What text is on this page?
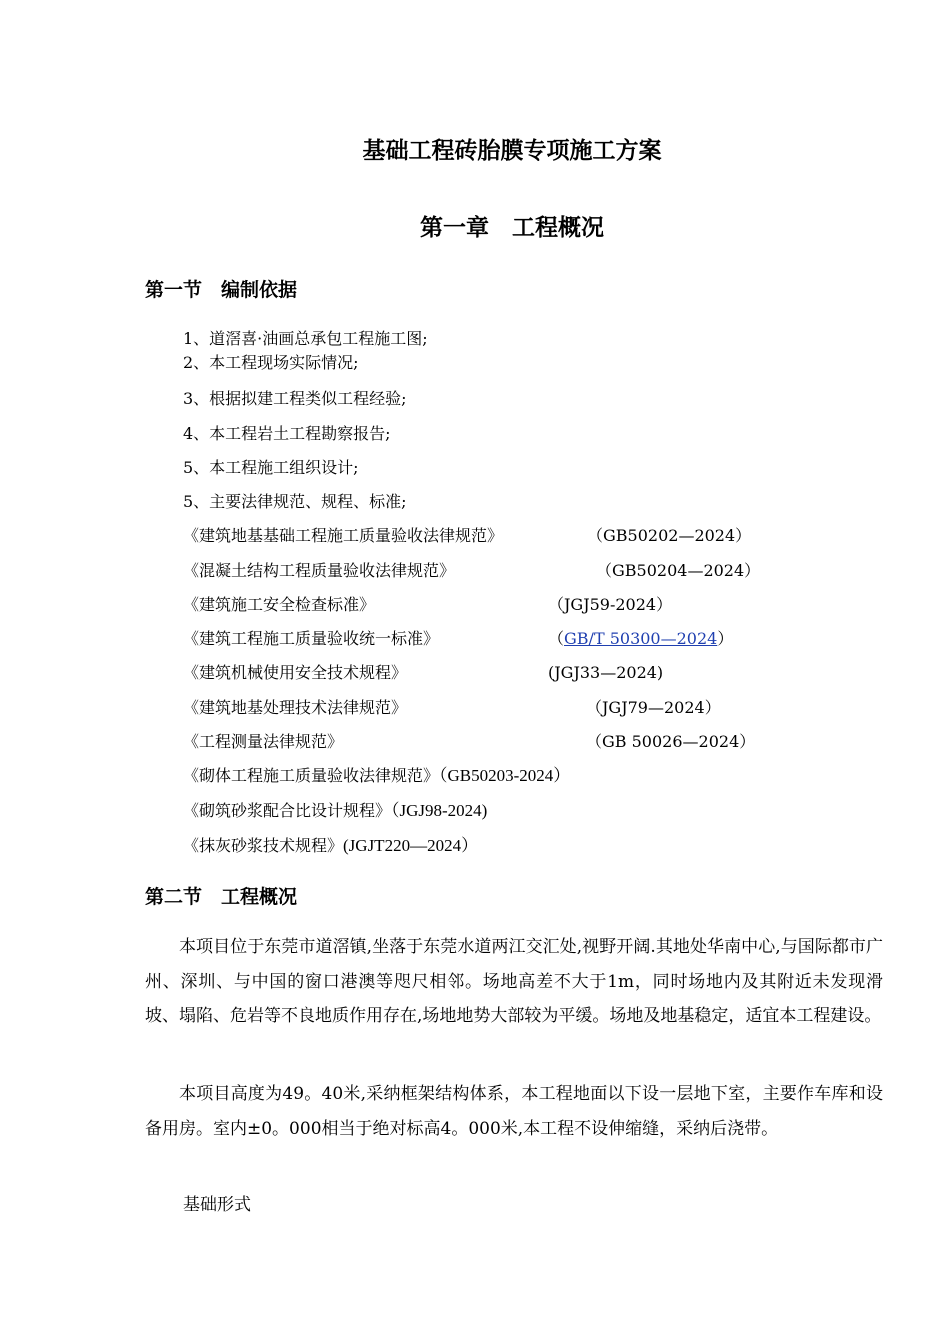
基础工程砖胎膜专项施工方案
第一章　工程概况
第一节　编制依据
1、道滘喜·油画总承包工程施工图;
2、本工程现场实际情况;
3、根据拟建工程类似工程经验;
4、本工程岩土工程勘察报告;
5、本工程施工组织设计;
5、主要法律规范、规程、标准;
《建筑地基基础工程施工质量验收法律规范》	（GB50202—2024）
《混凝土结构工程质量验收法律规范》	（GB50204—2024）
《建筑施工安全检查标准》	（JGJ59-2024）
《建筑工程施工质量验收统一标准》	（GB/T 50300—2024）
《建筑机械使用安全技术规程》	(JGJ33—2024)
《建筑地基处理技术法律规范》	（JGJ79—2024）
《工程测量法律规范》	（GB 50026—2024）
《砌体工程施工质量验收法律规范》（GB50203-2024）
《砌筑砂浆配合比设计规程》（JGJ98-2024)
《抹灰砂浆技术规程》(JGJT220—2024）
第二节　工程概况
本项目位于东莞市道滘镇,坐落于东莞水道两江交汇处,视野开阔.其地处华南中心,与国际都市广州、深圳、与中国的窗口港澳等咫尺相邻。场地高差不大于1m，同时场地内及其附近未发现滑坡、塌陷、危岩等不良地质作用存在,场地地势大部较为平缓。场地及地基稳定，适宜本工程建设。
本项目高度为49。40米,采纳框架结构体系，本工程地面以下设一层地下室，主要作车库和设备用房。室内±0。000相当于绝对标高4。000米,本工程不设伸缩缝，采纳后浇带。
基础形式
